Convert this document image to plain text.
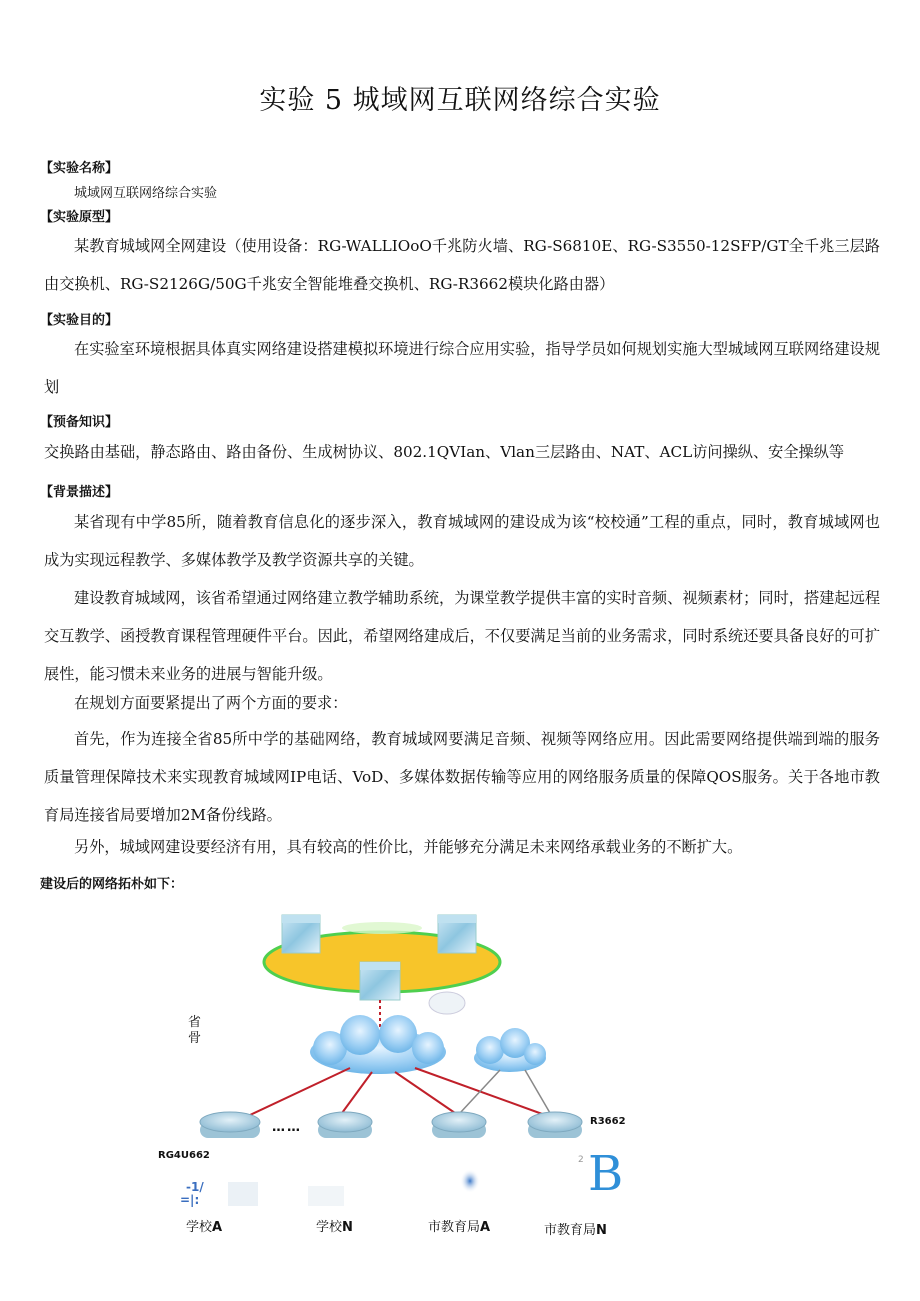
实验 5 城域网互联网络综合实验
【实验名称】
城域网互联网络综合实验
【实验原型】

某教育城域网全网建设（使用设备：RG-WALLIOoO千兆防火墙、RG-S6810E、RG-S3550-12SFP/GT全千兆三层路由交换机、RG-S2126G/50G千兆安全智能堆叠交换机、RG-R3662模块化路由器）

【实验目的】

在实验室环境根据具体真实网络建设搭建模拟环境进行综合应用实验，指导学员如何规划实施大型城域网互联网络建设规划

【预备知识】

交换路由基础，静态路由、路由备份、生成树协议、802.1QVIan、Vlan三层路由、NAT、ACL访问操纵、安全操纵等

【背景描述】

某省现有中学85所，随着教育信息化的逐步深入，教育城域网的建设成为该“校校通”工程的重点，同时，教育城域网也成为实现远程教学、多媒体教学及教学资源共享的关键。

建设教育城域网，该省希望通过网络建立教学辅助系统，为课堂教学提供丰富的实时音频、视频素材；同时，搭建起远程交互教学、函授教育课程管理硬件平台。因此，希望网络建成后，不仅要满足当前的业务需求，同时系统还要具备良好的可扩展性，能习惯未来业务的进展与智能升级。

在规划方面要紧提出了两个方面的要求：

首先，作为连接全省85所中学的基础网络，教育城域网要满足音频、视频等网络应用。因此需要网络提供端到端的服务质量管理保障技术来实现教育城域网IP电话、VoD、多媒体数据传输等应用的网络服务质量的保障QOS服务。关于各地市教育局连接省局要增加2M备份线路。

另外，城域网建设要经济有用，具有较高的性价比，并能够充分满足未来网络承载业务的不断扩大。

建设后的网络拓朴如下：
省
骨
……
RG4U662
R3662
-1/
=|:
2 B
学校A	学校N	市教育局A	市教育局N
